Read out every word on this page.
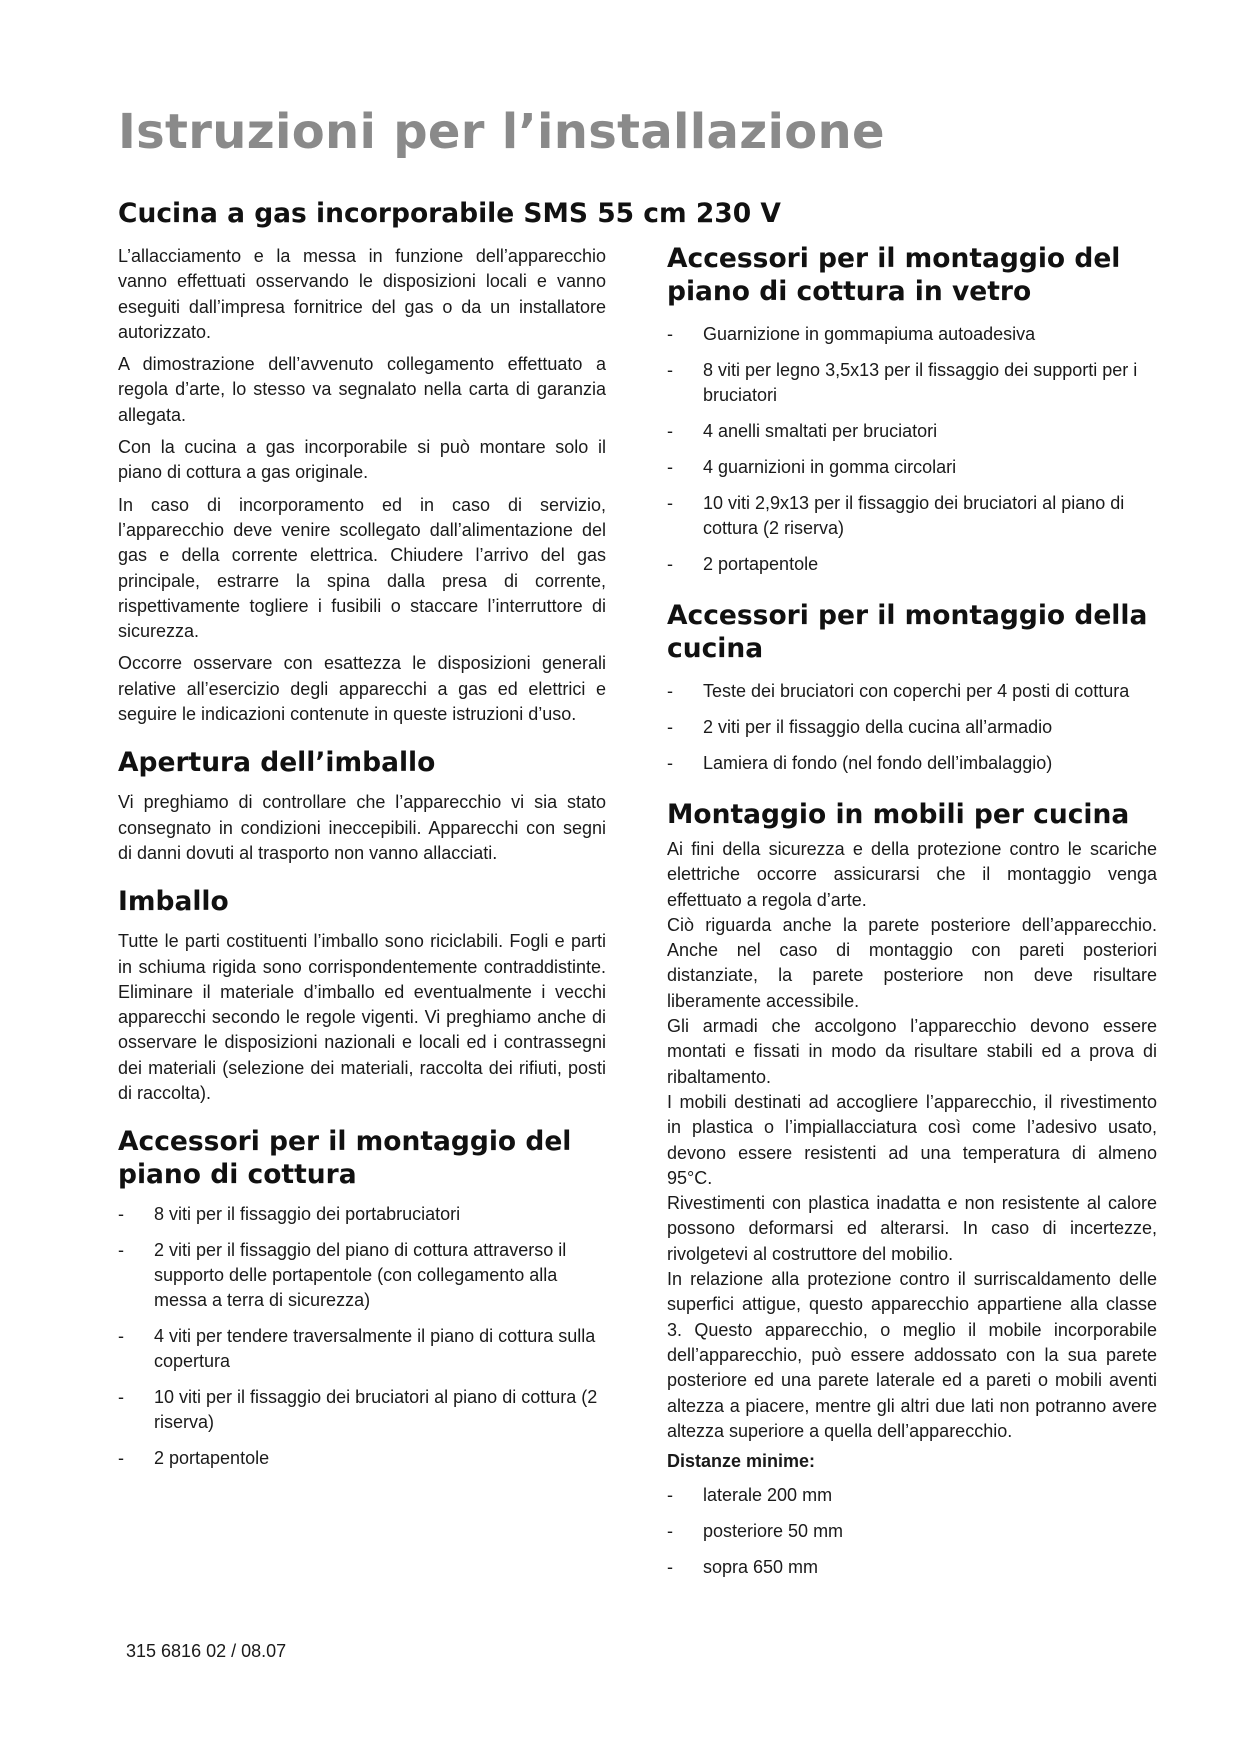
Istruzioni per l’installazione
Cucina a gas incorporabile SMS 55 cm 230 V

L’allacciamento e la messa in funzione dell’apparecchio vanno effettuati osservando le disposizioni locali e vanno eseguiti dall’impresa fornitrice del gas o da un installatore autorizzato.

A dimostrazione dell’avvenuto collegamento effettuato a regola d’arte, lo stesso va segnalato nella carta di garanzia allegata.

Con la cucina a gas incorporabile si può montare solo il piano di cottura a gas originale.

In caso di incorporamento ed in caso di servizio, l’apparecchio deve venire scollegato dall’alimentazione del gas e della corrente elettrica. Chiudere l’arrivo del gas principale, estrarre la spina dalla presa di corrente, rispettivamente togliere i fusibili o staccare l’interruttore di sicurezza.

Occorre osservare con esattezza le disposizioni generali relative all’esercizio degli apparecchi a gas ed elettrici e seguire le indicazioni contenute in queste istruzioni d’uso.

Apertura dell’imballo

Vi preghiamo di controllare che l’apparecchio vi sia stato consegnato in condizioni ineccepibili. Apparecchi con segni di danni dovuti al trasporto non vanno allacciati.

Imballo

Tutte le parti costituenti l’imballo sono riciclabili. Fogli e parti in schiuma rigida sono corrispondentemente contraddistinte. Eliminare il materiale d’imballo ed eventualmente i vecchi apparecchi secondo le regole vigenti. Vi preghiamo anche di osservare le disposizioni nazionali e locali ed i contrassegni dei materiali (selezione dei materiali, raccolta dei rifiuti, posti di raccolta).

Accessori per il montaggio del piano di cottura
- 8 viti per il fissaggio dei portabruciatori
- 2 viti per il fissaggio del piano di cottura attraverso il supporto delle portapentole (con collegamento alla messa a terra di sicurezza)
- 4 viti per tendere traversalmente il piano di cottura sulla copertura
- 10 viti per il fissaggio dei bruciatori al piano di cottura (2 riserva)
- 2 portapentole
Accessori per il montaggio del piano di cottura in vetro
- Guarnizione in gommapiuma autoadesiva
- 8 viti per legno 3,5x13 per il fissaggio dei supporti per i bruciatori
- 4 anelli smaltati per bruciatori
- 4 guarnizioni in gomma circolari
- 10 viti 2,9x13 per il fissaggio dei bruciatori al piano di cottura (2 riserva)
- 2 portapentole
Accessori per il montaggio della cucina
- Teste dei bruciatori con coperchi per 4 posti di cottura
- 2 viti per il fissaggio della cucina all’armadio
- Lamiera di fondo (nel fondo dell’imbalaggio)
Montaggio in mobili per cucina

Ai fini della sicurezza e della protezione contro le scariche elettriche occorre assicurarsi che il montaggio venga effettuato a regola d’arte.

Ciò riguarda anche la parete posteriore dell’apparecchio. Anche nel caso di montaggio con pareti posteriori distanziate, la parete posteriore non deve risultare liberamente accessibile.

Gli armadi che accolgono l’apparecchio devono essere montati e fissati in modo da risultare stabili ed a prova di ribaltamento.

I mobili destinati ad accogliere l’apparecchio, il rivestimento in plastica o l’impiallacciatura così come l’adesivo usato, devono essere resistenti ad una temperatura di almeno 95°C.

Rivestimenti con plastica inadatta e non resistente al calore possono deformarsi ed alterarsi. In caso di incertezze, rivolgetevi al costruttore del mobilio.

In relazione alla protezione contro il surriscaldamento delle superfici attigue, questo apparecchio appartiene alla classe 3. Questo apparecchio, o meglio il mobile incorporabile dell’apparecchio, può essere addossato con la sua parete posteriore ed una parete laterale ed a pareti o mobili aventi altezza a piacere, mentre gli altri due lati non potranno avere altezza superiore a quella dell’apparecchio.

Distanze minime:
- laterale 200 mm
- posteriore 50 mm
- sopra 650 mm
315 6816 02 / 08.07
